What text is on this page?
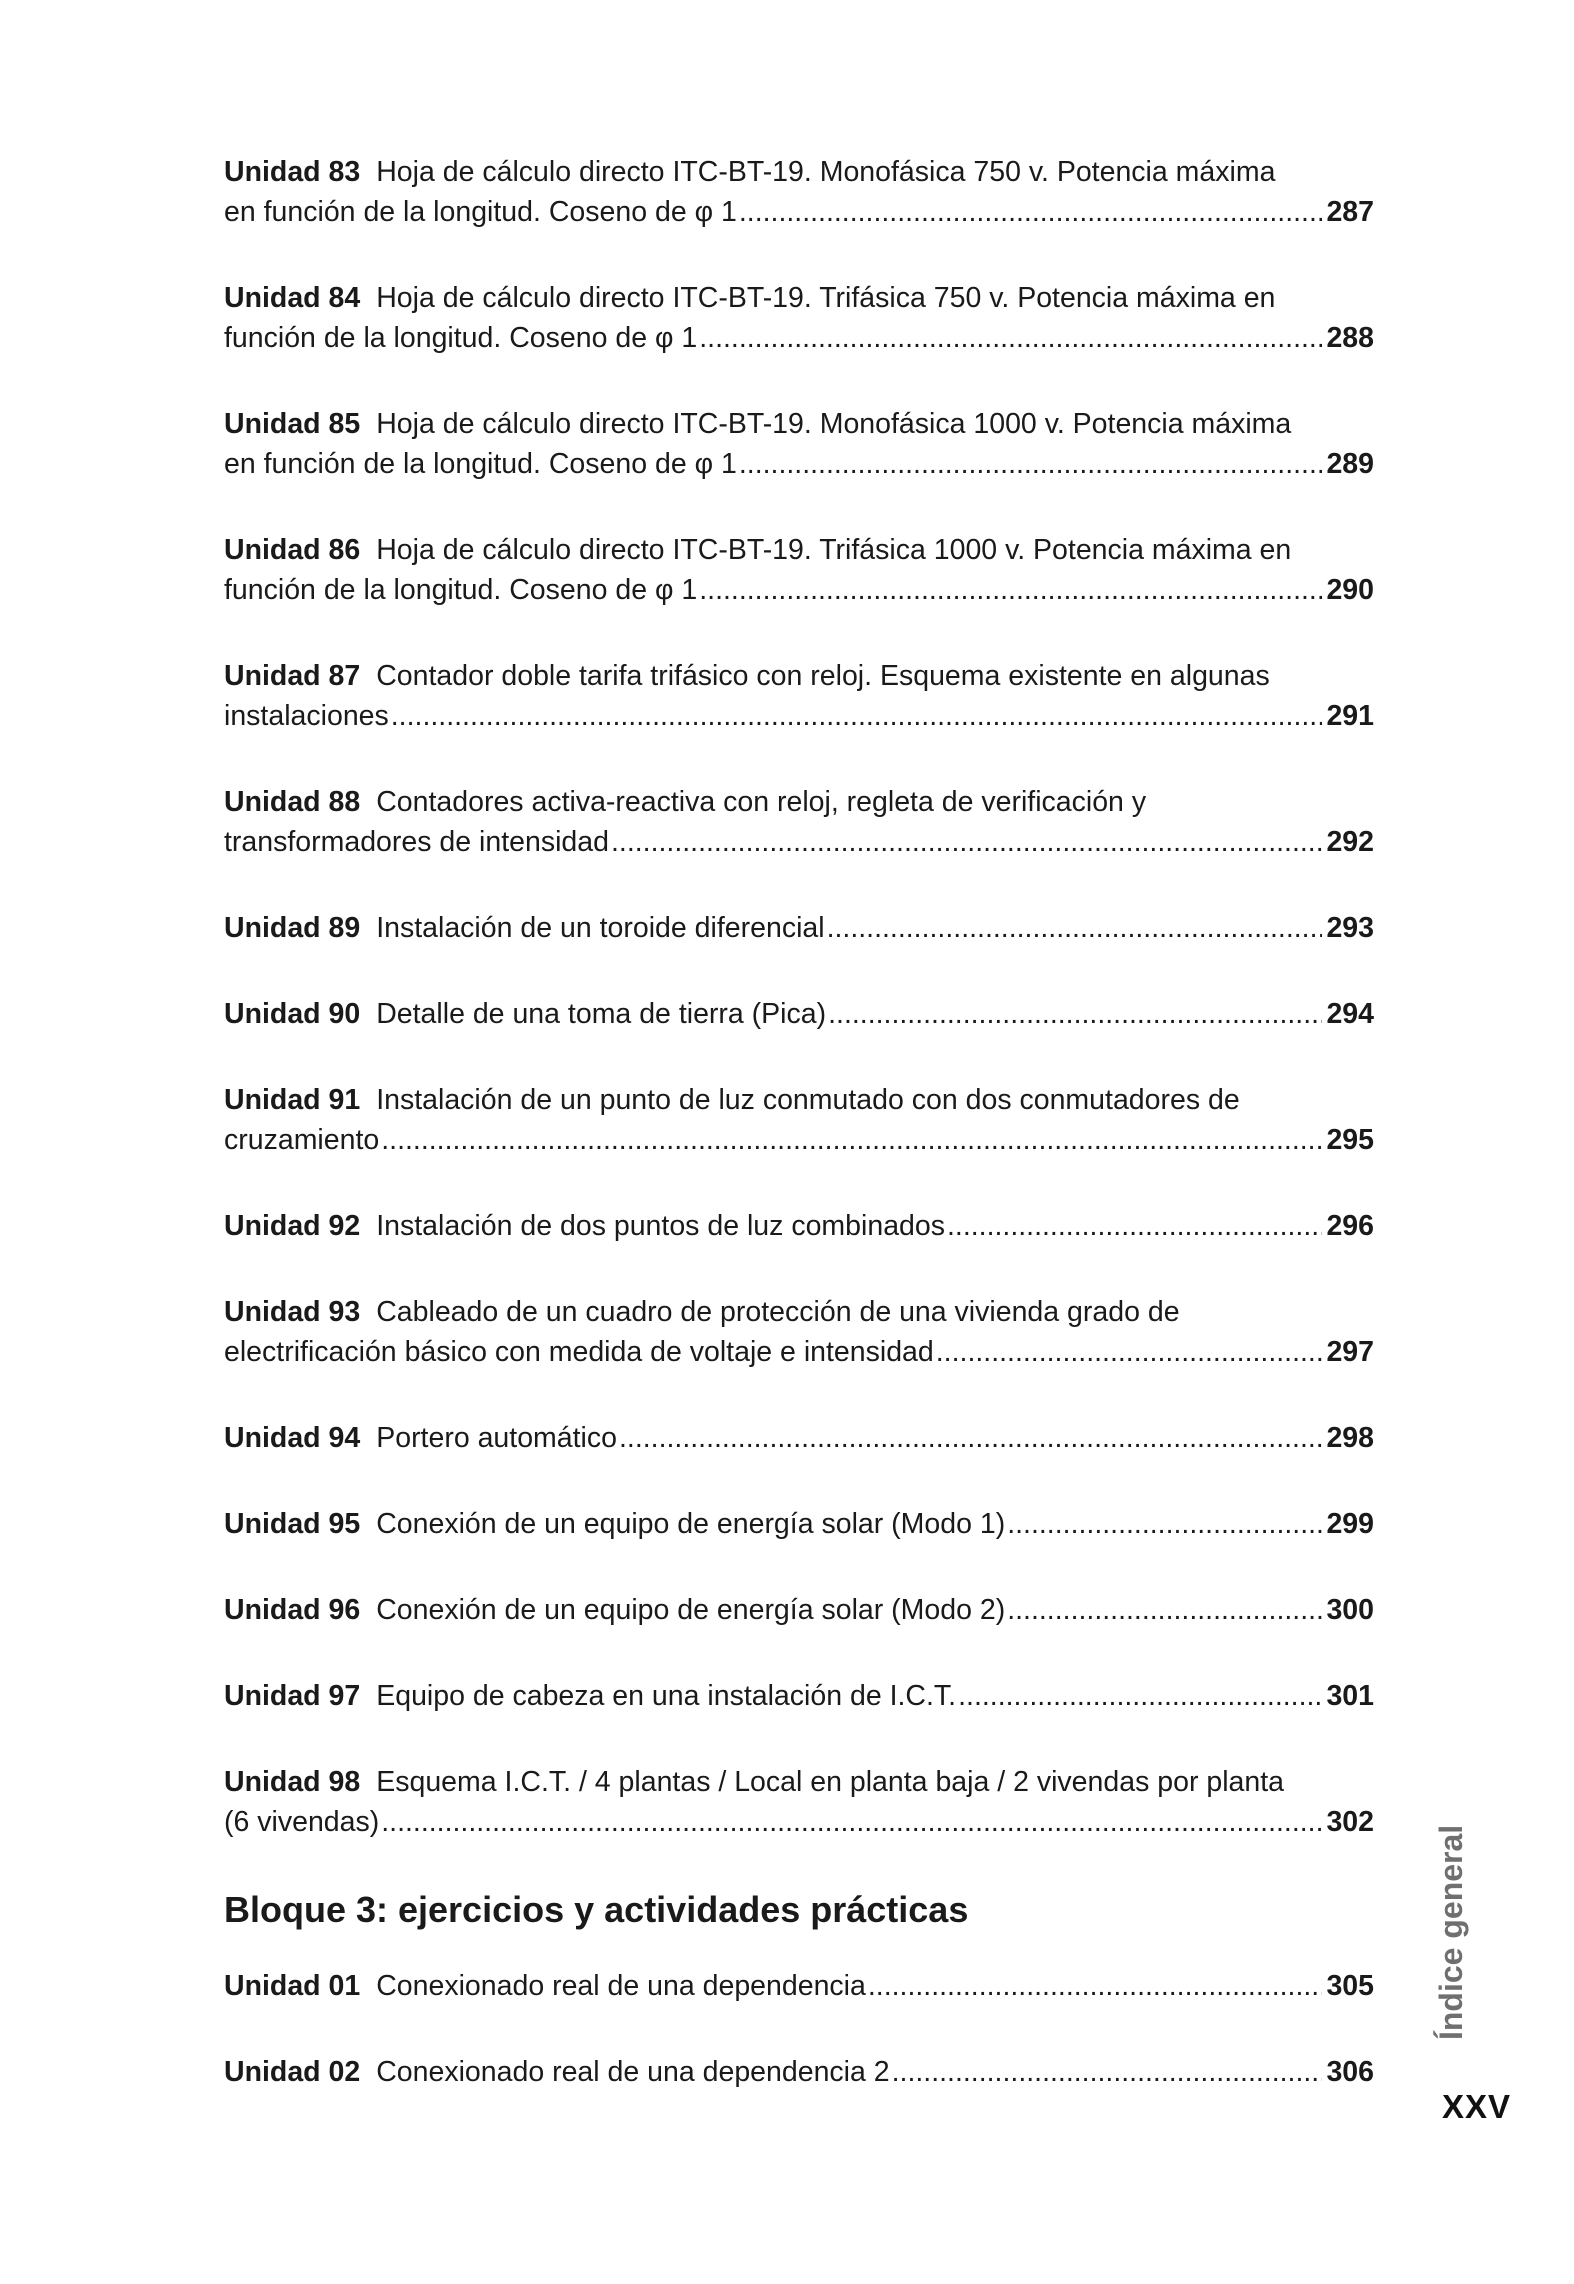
Unidad 83 Hoja de cálculo directo ITC-BT-19. Monofásica 750 v. Potencia máxima
en función de la longitud. Coseno de φ 1 .....	287
Unidad 84 Hoja de cálculo directo ITC-BT-19. Trifásica 750 v. Potencia máxima en
función de la longitud. Coseno de φ 1 .....	288
Unidad 85 Hoja de cálculo directo ITC-BT-19. Monofásica 1000 v. Potencia máxima
en función de la longitud. Coseno de φ 1 .....	289
Unidad 86 Hoja de cálculo directo ITC-BT-19. Trifásica 1000 v. Potencia máxima en
función de la longitud. Coseno de φ 1 .....	290
Unidad 87 Contador doble tarifa trifásico con reloj. Esquema existente en algunas
instalaciones .....	291
Unidad 88 Contadores activa-reactiva con reloj, regleta de verificación y
transformadores de intensidad .....	292
Unidad 89 Instalación de un toroide diferencial .....	293
Unidad 90 Detalle de una toma de tierra (Pica) .....	294
Unidad 91 Instalación de un punto de luz conmutado con dos conmutadores de
cruzamiento .....	295
Unidad 92 Instalación de dos puntos de luz combinados .....	296
Unidad 93 Cableado de un cuadro de protección de una vivienda grado de
electrificación básico con medida de voltaje e intensidad .....	297
Unidad 94 Portero automático .....	298
Unidad 95 Conexión de un equipo de energía solar (Modo 1) .....	299
Unidad 96 Conexión de un equipo de energía solar (Modo 2) .....	300
Unidad 97 Equipo de cabeza en una instalación de I.C.T. .....	301
Unidad 98 Esquema I.C.T. / 4 plantas / Local en planta baja / 2 vivendas por planta
(6 vivendas) .....	302
Bloque 3: ejercicios y actividades prácticas
Unidad 01 Conexionado real de una dependencia .....	305
Unidad 02 Conexionado real de una dependencia 2 .....	306
Índice general
XXV
